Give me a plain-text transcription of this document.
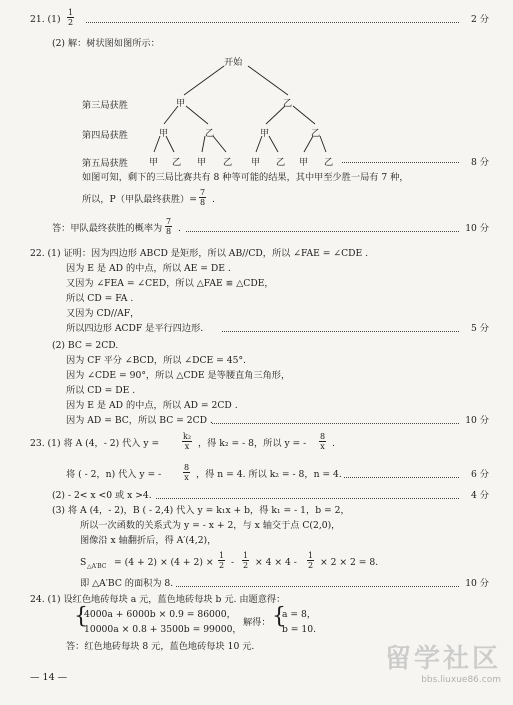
21. $(1) \frac{1}{2}$	2 分
(2) 解：树状图如图所示：
开始
第三局获胜
第四局获胜
第五局获胜
甲	乙
甲	乙	甲	乙
甲 乙 甲 乙 甲 乙 甲 乙	8 分
如图可知，剩下的三局比赛共有 8 种等可能的结果，其中甲至少胜一局有 7 种，
所以，P（甲队最终获胜）= $\frac{7}{8}$ .
答：甲队最终获胜的概率为 $\frac{7}{8}$ .	10 分
22. (1) 证明：因为四边形 ABCD 是矩形，所以 AB//CD，所以 ∠FAE = ∠CDE .
因为 E 是 AD 的中点，所以 AE = DE .
又因为 ∠FEA = ∠CED，所以 △FAE ≌ △CDE，
所以 CD = FA .
又因为 CD//AF，
所以四边形 ACDF 是平行四边形.	5 分
(2) BC = 2CD.
因为 CF 平分 ∠BCD，所以 ∠DCE = 45°.
因为 ∠CDE = 90°，所以 △CDE 是等腰直角三角形，
所以 CD = DE .
因为 E 是 AD 的中点，所以 AD = 2CD .
因为 AD = BC，所以 BC = 2CD .	10 分
23. (1) 将 A (4，- 2) 代入 y =	$\frac{\text{k₂}}{x}$ ，得 k₂ = - 8，所以 y = - $\frac{8}{x}$ .
将 ( - 2，n) 代入 y = -	$\frac{8}{x}$ ，得 n = 4. 所以 k₂ = - 8，n = 4.	6 分
(2) - 2< x <0 或 x >4.	4 分
(3) 将 A (4，- 2)，B ( - 2,4) 代入 y = k₁x + b，得 k₁ = - 1，b = 2，
所以一次函数的关系式为 y = - x + 2，与 x 轴交于点 C(2,0)，
图像沿 x 轴翻折后，得 A′(4,2)，
S △A′BC = $(4 + 2) \times (4 + 2) \times \frac{1}{2} - \frac{1}{2} \times 4 \times 4 - \frac{1}{2} \times 2 \times 2 = 8$.
即 △A′BC 的面积为 8.	10 分
24. (1) 设红色地砖每块 a 元，蓝色地砖每块 b 元. 由题意得：
{
4000a + 6000b × 0.9 = 86000，
10000a × 0.8 + 3500b = 99000，
解得： {
a = 8，
b = 10.
答：红色地砖每块 8 元，蓝色地砖每块 10 元.
— 14 —
留学社区
bbs.liuxue86.com
